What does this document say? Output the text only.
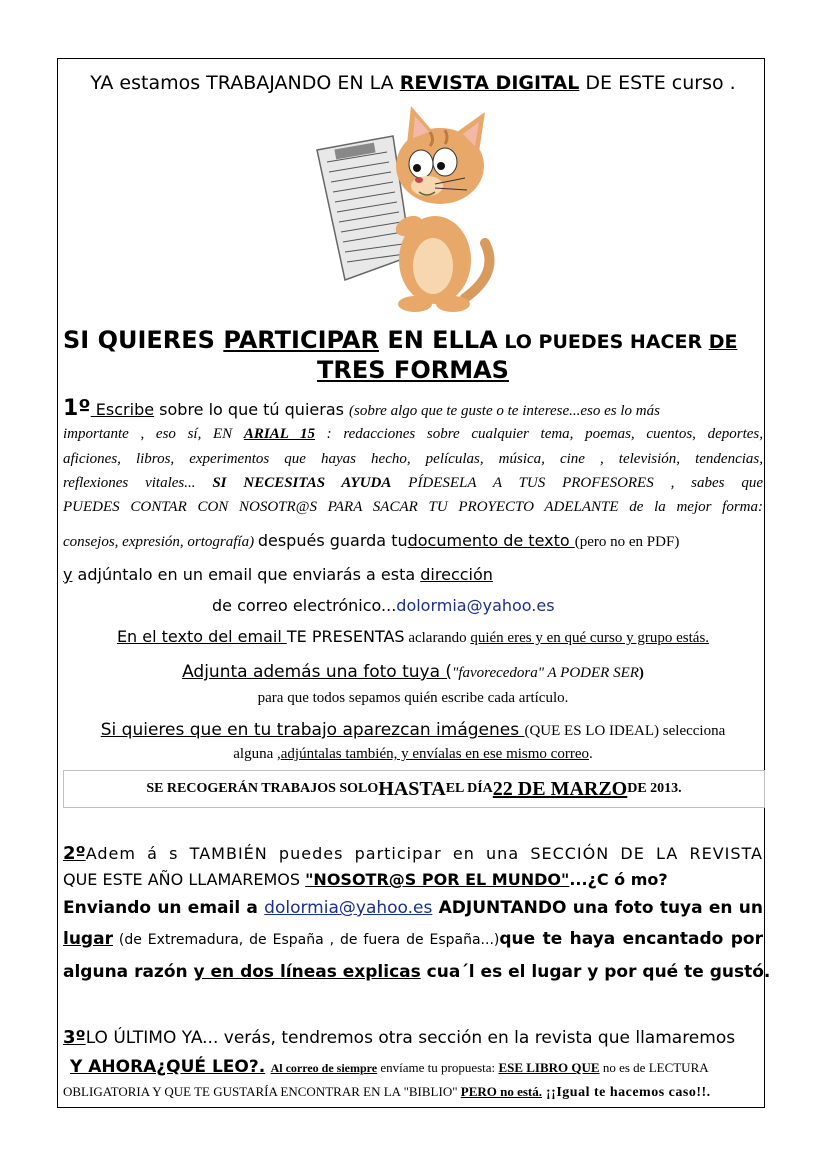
YA estamos TRABAJANDO EN LA REVISTA DIGITAL DE ESTE curso .
SI QUIERES PARTICIPAR EN ELLA LO PUEDES HACER DE
TRES FORMAS
1º Escribe sobre lo que tú quieras (sobre algo que te guste o te interese...eso es lo más
importante , eso sí, EN ARIAL 15 : redacciones sobre cualquier tema, poemas, cuentos, deportes,
aficiones, libros, experimentos que hayas hecho, películas, música, cine , televisión, tendencias,
reflexiones vitales... SI NECESITAS AYUDA PÍDESELA A TUS PROFESORES , sabes que
PUEDES CONTAR CON NOSOTR@S PARA SACAR TU PROYECTO ADELANTE de la mejor forma:
consejos, expresión, ortografía) después guarda tudocumento de texto (pero no en PDF)
y adjúntalo en un email que enviarás a esta dirección
de correo electrónico...dolormia@yahoo.es
En el texto del email TE PRESENTAS aclarando quién eres y en qué curso y grupo estás.
Adjunta además una foto tuya ("favorecedora" A PODER SER)
para que todos sepamos quién escribe cada artículo.
Si quieres que en tu trabajo aparezcan imágenes (QUE ES LO IDEAL) selecciona
alguna ,adjúntalas también, y envíalas en ese mismo correo.
SE RECOGERÁN TRABAJOS SOLO HASTA EL DÍA 22 DE MARZO DE 2013.
2ºAdem á s TAMBIÉN puedes participar en una SECCIÓN DE LA REVISTA
QUE ESTE AÑO LLAMAREMOS "NOSOTR@S POR EL MUNDO"...¿C ó mo?
Enviando un email a dolormia@yahoo.es ADJUNTANDO una foto tuya en un
lugar (de Extremadura, de España , de fuera de España...)que te haya encantado por
alguna razón y en dos líneas explicas cua´l es el lugar y por qué te gustó.
3ºLO ÚLTIMO YA... verás, tendremos otra sección en la revista que llamaremos
Y AHORA¿QUÉ LEO?. Al correo de siempre envíame tu propuesta: ESE LIBRO QUE no es de LECTURA
OBLIGATORIA Y QUE TE GUSTARÍA ENCONTRAR EN LA "BIBLIO" PERO no está. ¡¡Igual te hacemos caso!!.
